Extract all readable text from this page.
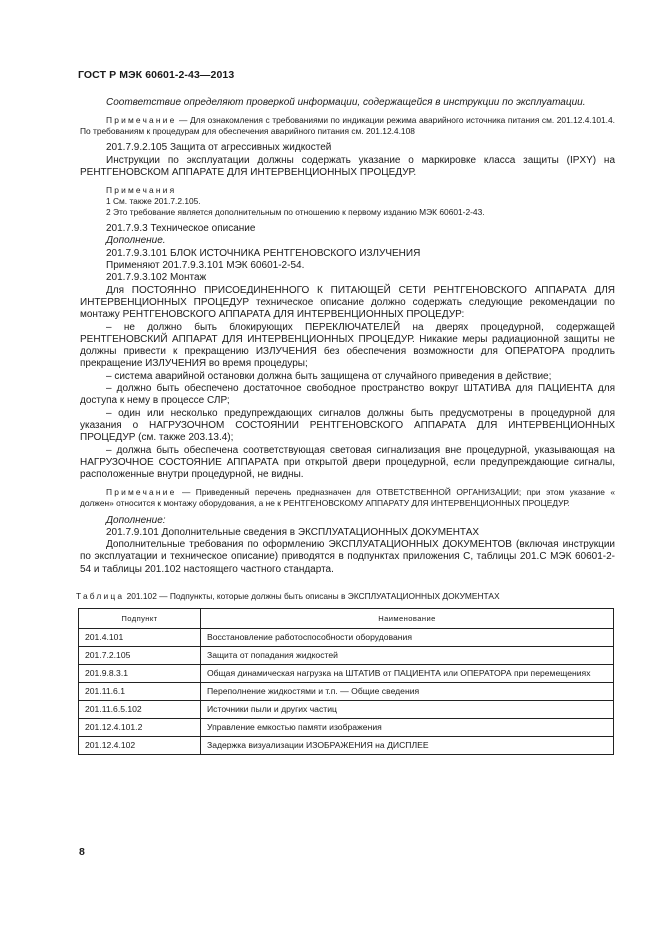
ГОСТ Р МЭК 60601-2-43—2013

Соответствие определяют проверкой информации, содержащейся в инструкции по эксплуатации.

Примечание — Для ознакомления с требованиями по индикации режима аварийного источника питания см. 201.12.4.101.4. По требованиям к процедурам для обеспечения аварийного питания см. 201.12.4.108

201.7.9.2.105 Защита от агрессивных жидкостей

Инструкции по эксплуатации должны содержать указание о маркировке класса защиты (IPXY) на РЕНТГЕНОВСКОМ АППАРАТЕ ДЛЯ ИНТЕРВЕНЦИОННЫХ ПРОЦЕДУР.

Примечания

1 См. также 201.7.2.105.

2 Это требование является дополнительным по отношению к первому изданию МЭК 60601-2-43.

201.7.9.3 Техническое описание

Дополнение.

201.7.9.3.101 БЛОК ИСТОЧНИКА РЕНТГЕНОВСКОГО ИЗЛУЧЕНИЯ

Применяют 201.7.9.3.101 МЭК 60601-2-54.

201.7.9.3.102 Монтаж

Для ПОСТОЯННО ПРИСОЕДИНЕННОГО К ПИТАЮЩЕЙ СЕТИ РЕНТГЕНОВСКОГО АППАРАТА ДЛЯ ИНТЕРВЕНЦИОННЫХ ПРОЦЕДУР техническое описание должно содержать следующие рекомендации по монтажу РЕНТГЕНОВСКОГО АППАРАТА ДЛЯ ИНТЕРВЕНЦИОННЫХ ПРОЦЕДУР:

– не должно быть блокирующих ПЕРЕКЛЮЧАТЕЛЕЙ на дверях процедурной, содержащей РЕНТГЕНОВСКИЙ АППАРАТ ДЛЯ ИНТЕРВЕНЦИОННЫХ ПРОЦЕДУР. Никакие меры радиационной защиты не должны привести к прекращению ИЗЛУЧЕНИЯ без обеспечения возможности для ОПЕРАТОРА продлить прекращение ИЗЛУЧЕНИЯ во время процедуры;

– система аварийной остановки должна быть защищена от случайного приведения в действие;

– должно быть обеспечено достаточное свободное пространство вокруг ШТАТИВА для ПАЦИЕНТА для доступа к нему в процессе СЛР;

– один или несколько предупреждающих сигналов должны быть предусмотрены в процедурной для указания о НАГРУЗОЧНОМ СОСТОЯНИИ РЕНТГЕНОВСКОГО АППАРАТА ДЛЯ ИНТЕРВЕНЦИОННЫХ ПРОЦЕДУР (см. также 203.13.4);

– должна быть обеспечена соответствующая световая сигнализация вне процедурной, указывающая на НАГРУЗОЧНОЕ СОСТОЯНИЕ АППАРАТА при открытой двери процедурной, если предупреждающие сигналы, расположенные внутри процедурной, не видны.

Примечание — Приведенный перечень предназначен для ОТВЕТСТВЕННОЙ ОРГАНИЗАЦИИ; при этом указание « должен» относится к монтажу оборудования, а не к РЕНТГЕНОВСКОМУ АППАРАТУ ДЛЯ ИНТЕРВЕНЦИОННЫХ ПРОЦЕДУР.

Дополнение:

201.7.9.101 Дополнительные сведения в ЭКСПЛУАТАЦИОННЫХ ДОКУМЕНТАХ

Дополнительные требования по оформлению ЭКСПЛУАТАЦИОННЫХ ДОКУМЕНТОВ (включая инструкции по эксплуатации и техническое описание) приводятся в подпунктах приложения С, таблицы 201.С МЭК 60601-2-54 и таблицы 201.102 настоящего частного стандарта.

Таблица 201.102 — Подпункты, которые должны быть описаны в ЭКСПЛУАТАЦИОННЫХ ДОКУМЕНТАХ
Подпункт	Наименование
201.4.101	Восстановление работоспособности оборудования
201.7.2.105	Защита от попадания жидкостей
201.9.8.3.1	Общая динамическая нагрузка на ШТАТИВ от ПАЦИЕНТА или ОПЕРАТОРА при перемещениях
201.11.6.1	Переполнение жидкостями и т.п. — Общие сведения
201.11.6.5.102	Источники пыли и других частиц
201.12.4.101.2	Управление емкостью памяти изображения
201.12.4.102	Задержка визуализации ИЗОБРАЖЕНИЯ на ДИСПЛЕЕ
8
